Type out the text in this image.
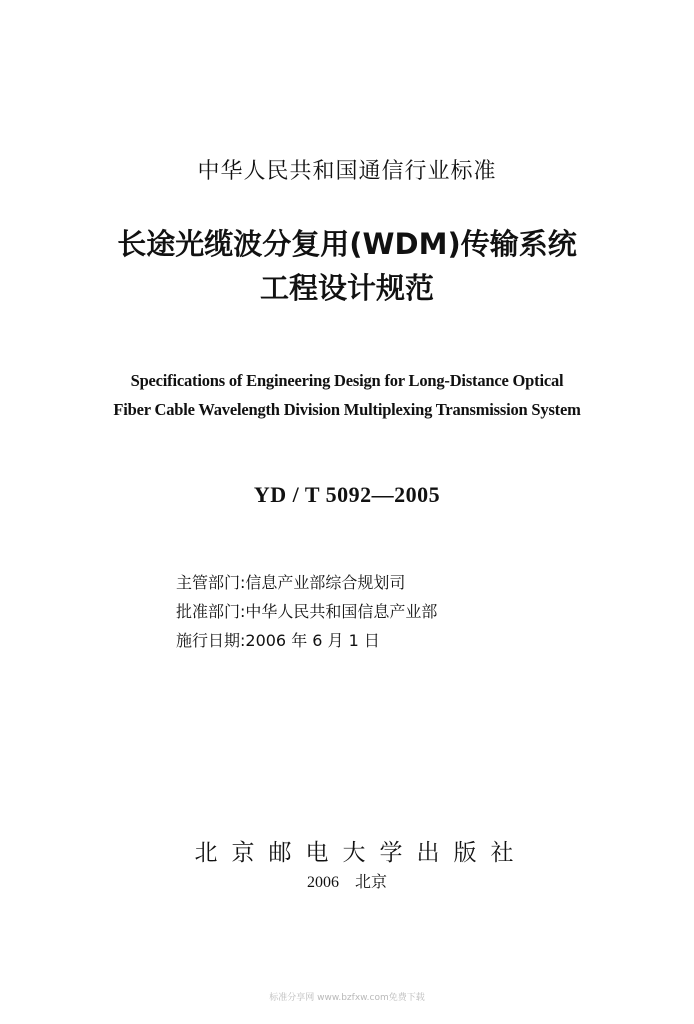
中华人民共和国通信行业标准
长途光缆波分复用(WDM)传输系统
工程设计规范
Specifications of Engineering Design for Long-Distance Optical
Fiber Cable Wavelength Division Multiplexing Transmission System
YD / T 5092—2005
主管部门:信息产业部综合规划司
批准部门:中华人民共和国信息产业部
施行日期:2006 年 6 月 1 日
北京邮电大学出版社
2006　北京
标准分享网 www.bzfxw.com免费下载
